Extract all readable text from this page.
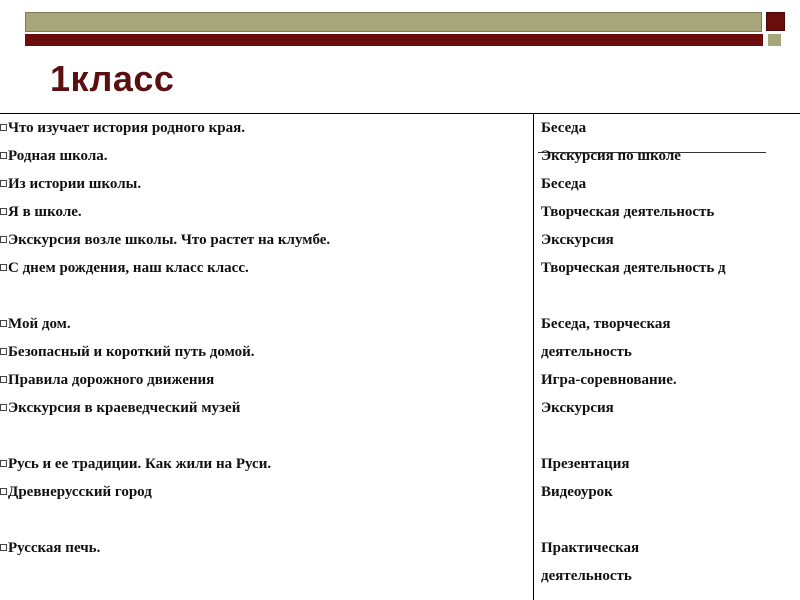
1класс
Что изучает история родного края.
Родная школа.
Из истории школы.
Я в школе.
Экскурсия возле школы. Что растет на клумбе.
С днем рождения, наш класс класс.
Мой дом.
Безопасный и короткий путь домой.
Правила дорожного движения
Экскурсия в краеведческий музей
Русь и ее традиции. Как жили на Руси.
Древнерусский город
Русская печь.
Беседа
Экскурсия по школе
Беседа
Творческая деятельность
Экскурсия
Творческая деятельность д
Беседа, творческая
деятельность
Игра-соревнование.
Экскурсия
Презентация
Видеоурок
Практическая
деятельность
